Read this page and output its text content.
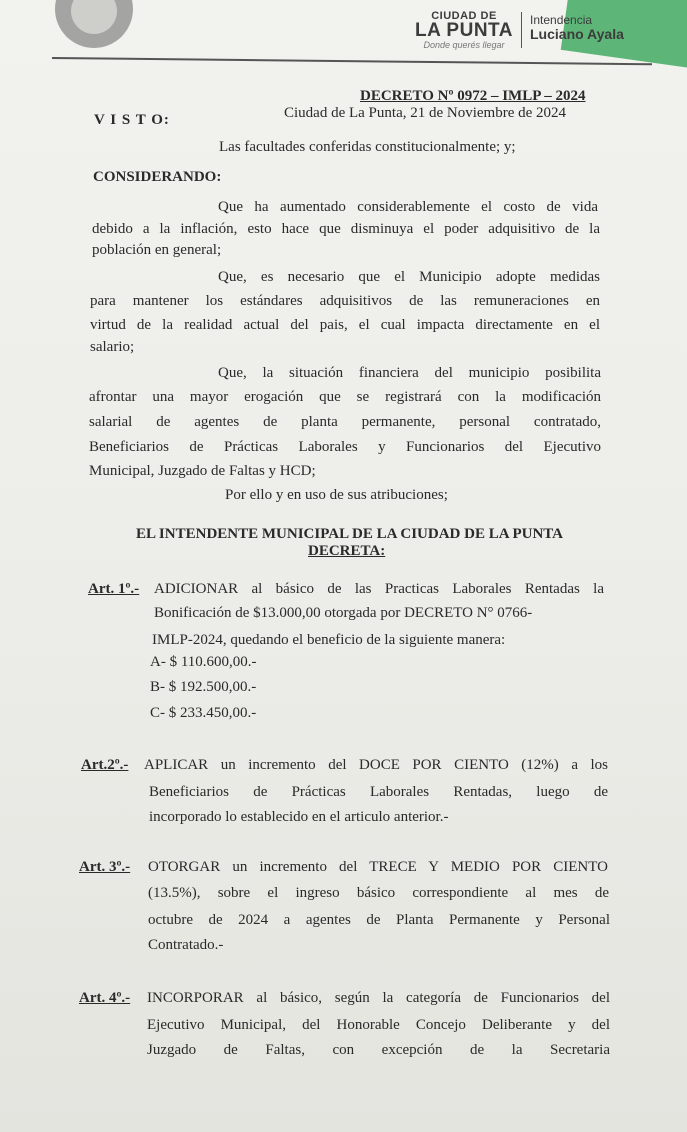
CIUDAD DE
LA PUNTA
Donde querés llegar
Intendencia
Luciano Ayala
DECRETO Nº 0972 – IMLP – 2024
Ciudad de La Punta, 21 de Noviembre de 2024
V I S T O:
Las facultades conferidas constitucionalmente; y;
CONSIDERANDO:
Que ha aumentado considerablemente el costo de vida
debido a la inflación, esto hace que disminuya el poder adquisitivo de la
población en general;
Que, es necesario que el Municipio adopte medidas
para mantener los estándares adquisitivos de las remuneraciones en
virtud de la realidad actual del pais, el cual impacta directamente en el
salario;
Que, la situación financiera del municipio posibilita
afrontar una mayor erogación que se registrará con la modificación
salarial de agentes de planta permanente, personal contratado,
Beneficiarios de Prácticas Laborales y Funcionarios del Ejecutivo
Municipal, Juzgado de Faltas y HCD;
Por ello y en uso de sus atribuciones;
EL INTENDENTE MUNICIPAL DE LA CIUDAD DE LA PUNTA
DECRETA:
Art. 1º.- ADICIONAR al básico de las Practicas Laborales Rentadas la
Bonificación de $13.000,00 otorgada por DECRETO N° 0766-
IMLP-2024, quedando el beneficio de la siguiente manera:
A- $ 110.600,00.-
B- $ 192.500,00.-
C- $ 233.450,00.-
Art.2º.- APLICAR un incremento del DOCE POR CIENTO (12%) a los
Beneficiarios de Prácticas Laborales Rentadas, luego de
incorporado lo establecido en el articulo anterior.-
Art. 3º.- OTORGAR un incremento del TRECE Y MEDIO POR CIENTO
(13.5%), sobre el ingreso básico correspondiente al mes de
octubre de 2024 a agentes de Planta Permanente y Personal
Contratado.-
Art. 4º.- INCORPORAR al básico, según la categoría de Funcionarios del
Ejecutivo Municipal, del Honorable Concejo Deliberante y del
Juzgado de Faltas, con excepción de la Secretaria
